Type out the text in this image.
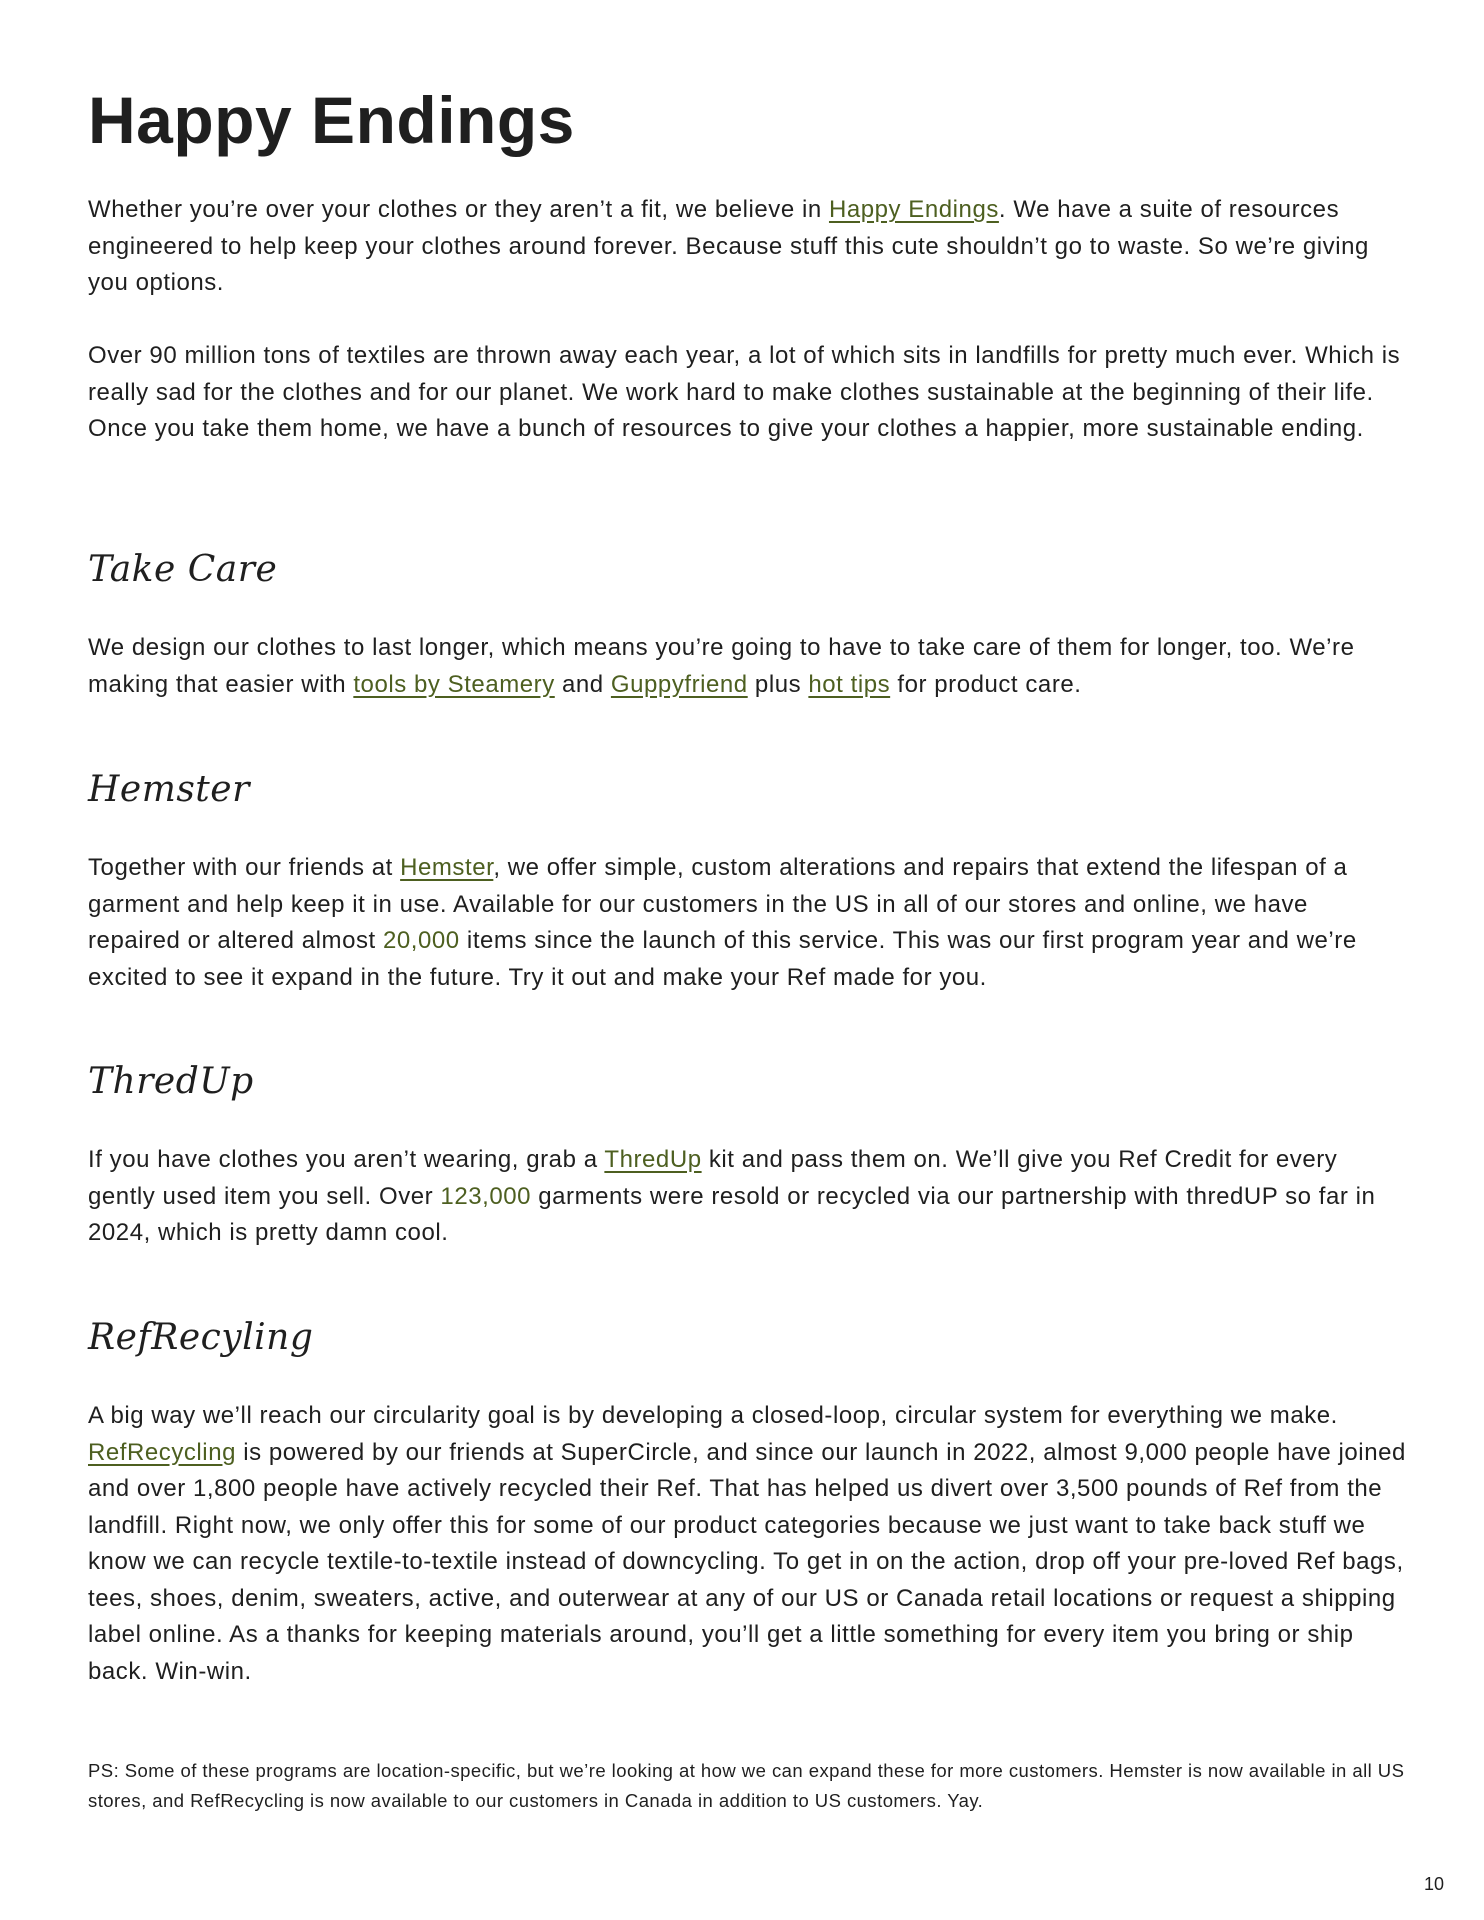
Happy Endings

Whether you’re over your clothes or they aren’t a fit, we believe in Happy Endings. We have a suite of resources engineered to help keep your clothes around forever. Because stuff this cute shouldn’t go to waste. So we’re giving you options.

Over 90 million tons of textiles are thrown away each year, a lot of which sits in landfills for pretty much ever. Which is really sad for the clothes and for our planet. We work hard to make clothes sustainable at the beginning of their life. Once you take them home, we have a bunch of resources to give your clothes a happier, more sustainable ending.

Take Care

We design our clothes to last longer, which means you’re going to have to take care of them for longer, too. We’re making that easier with tools by Steamery and Guppyfriend plus hot tips for product care.

Hemster

Together with our friends at Hemster, we offer simple, custom alterations and repairs that extend the lifespan of a garment and help keep it in use. Available for our customers in the US in all of our stores and online, we have repaired or altered almost 20,000 items since the launch of this service. This was our first program year and we’re excited to see it expand in the future. Try it out and make your Ref made for you.

ThredUp

If you have clothes you aren’t wearing, grab a ThredUp kit and pass them on. We’ll give you Ref Credit for every gently used item you sell. Over 123,000 garments were resold or recycled via our partnership with thredUP so far in 2024, which is pretty damn cool.

RefRecyling

A big way we’ll reach our circularity goal is by developing a closed-loop, circular system for everything we make. RefRecycling is powered by our friends at SuperCircle, and since our launch in 2022, almost 9,000 people have joined and over 1,800 people have actively recycled their Ref. That has helped us divert over 3,500 pounds of Ref from the landfill. Right now, we only offer this for some of our product categories because we just want to take back stuff we know we can recycle textile-to-textile instead of downcycling. To get in on the action, drop off your pre-loved Ref bags, tees, shoes, denim, sweaters, active, and outerwear at any of our US or Canada retail locations or request a shipping label online. As a thanks for keeping materials around, you’ll get a little something for every item you bring or ship back. Win-win.

PS: Some of these programs are location-specific, but we’re looking at how we can expand these for more customers. Hemster is now available in all US stores, and RefRecycling is now available to our customers in Canada in addition to US customers. Yay.

10
